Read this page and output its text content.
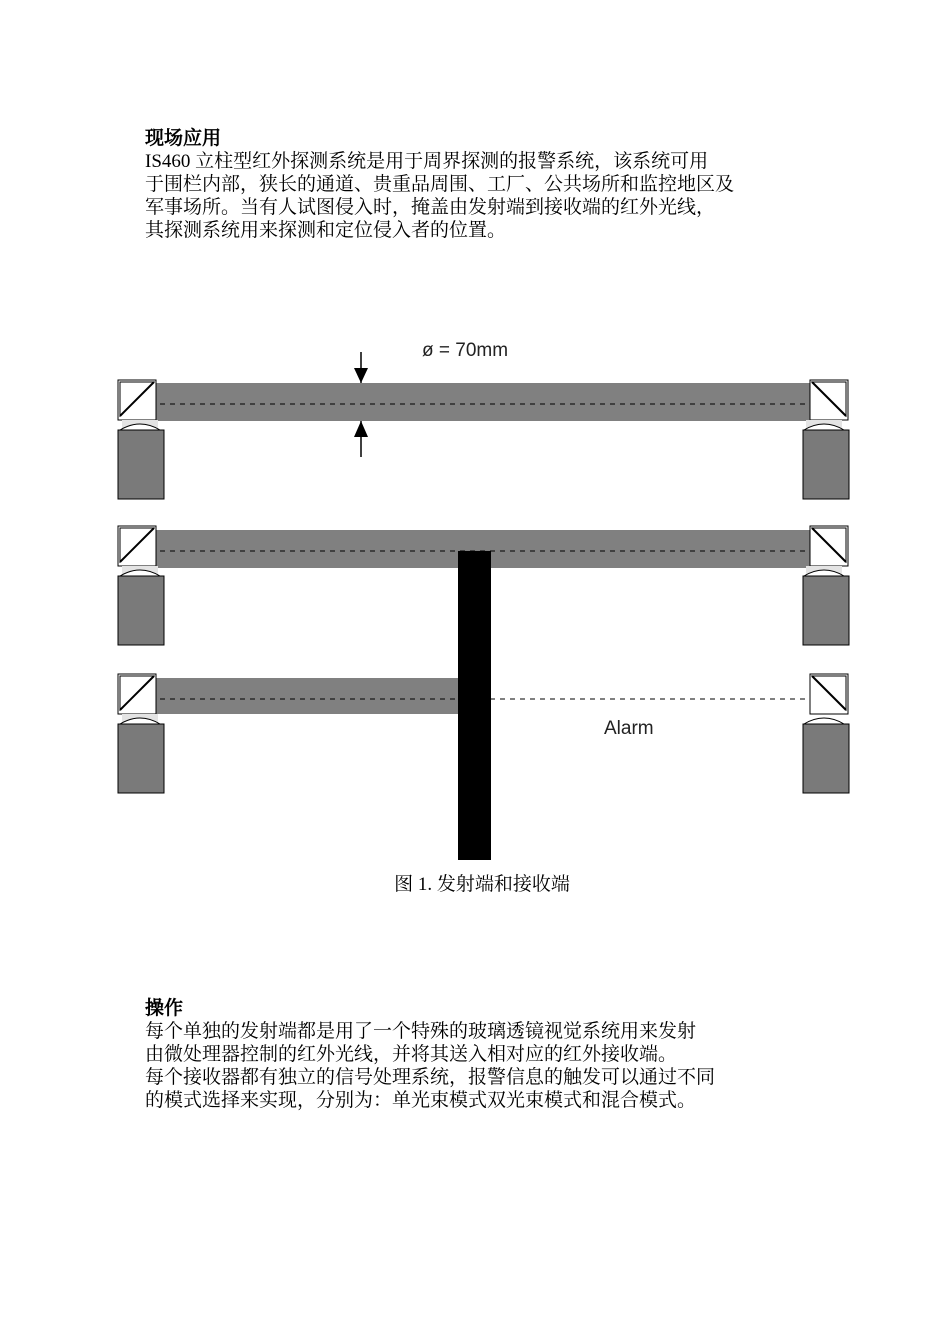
现场应用

IS460 立柱型红外探测系统是用于周界探测的报警系统，该系统可用

于围栏内部，狭长的通道、贵重品周围、工厂、公共场所和监控地区及

军事场所。当有人试图侵入时，掩盖由发射端到接收端的红外光线，

其探测系统用来探测和定位侵入者的位置。

ø = 70mm
Alarm
图 1. 发射端和接收端
操作

每个单独的发射端都是用了一个特殊的玻璃透镜视觉系统用来发射

由微处理器控制的红外光线，并将其送入相对应的红外接收端。

每个接收器都有独立的信号处理系统，报警信息的触发可以通过不同

的模式选择来实现，分别为：单光束模式双光束模式和混合模式。
